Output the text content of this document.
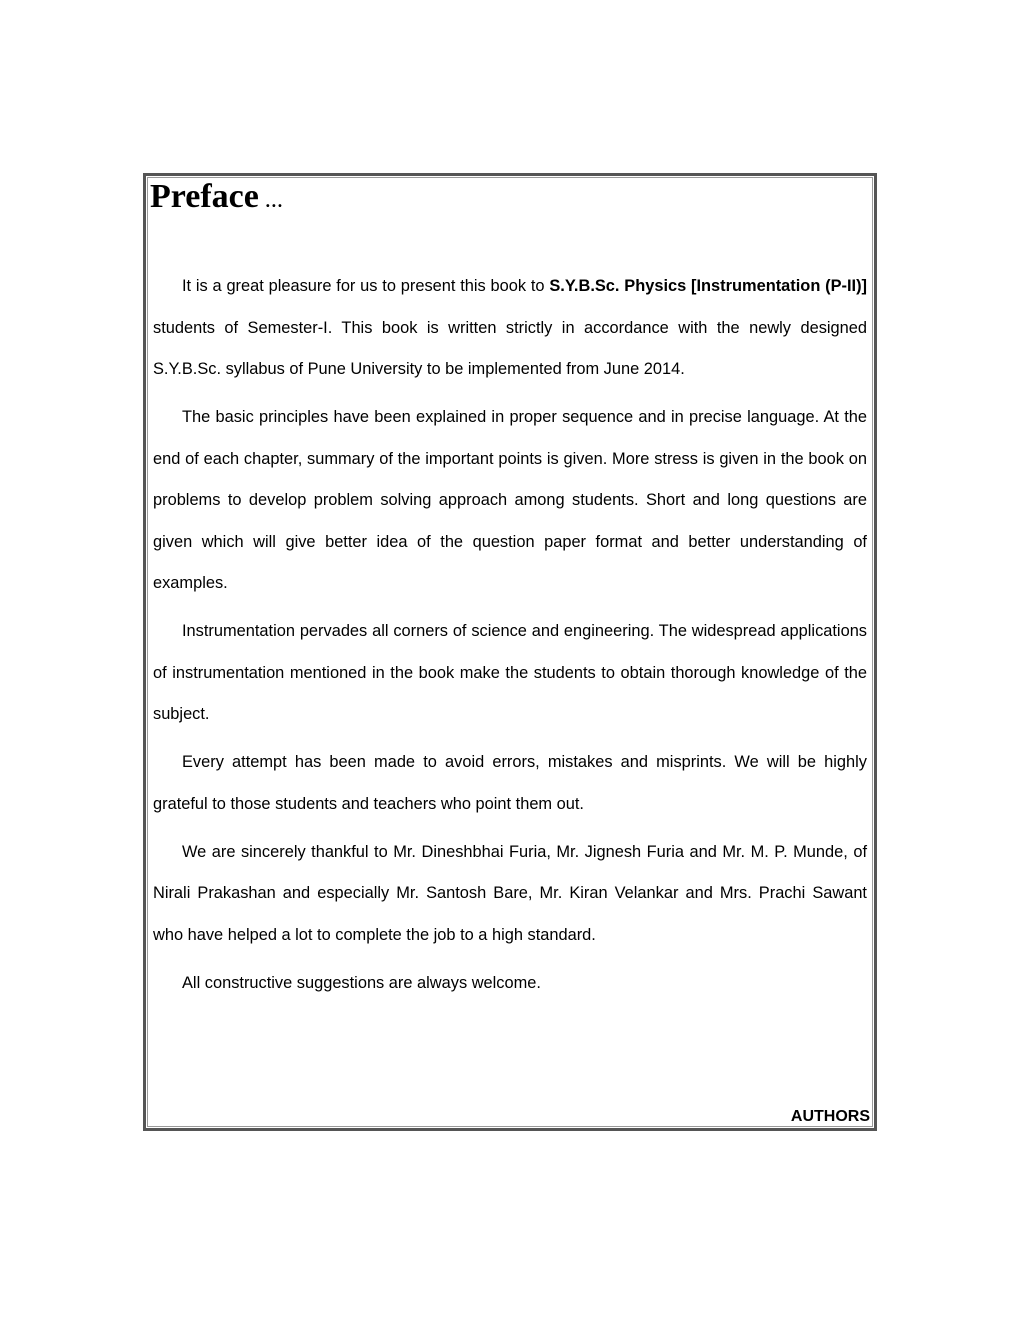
Preface …

It is a great pleasure for us to present this book to S.Y.B.Sc. Physics [Instrumentation (P-II)] students of Semester-I. This book is written strictly in accordance with the newly designed S.Y.B.Sc. syllabus of Pune University to be implemented from June 2014.

The basic principles have been explained in proper sequence and in precise language. At the end of each chapter, summary of the important points is given. More stress is given in the book on problems to develop problem solving approach among students. Short and long questions are given which will give better idea of the question paper format and better understanding of examples.

Instrumentation pervades all corners of science and engineering. The widespread applications of instrumentation mentioned in the book make the students to obtain thorough knowledge of the subject.

Every attempt has been made to avoid errors, mistakes and misprints. We will be highly grateful to those students and teachers who point them out.

We are sincerely thankful to Mr. Dineshbhai Furia, Mr. Jignesh Furia and Mr. M. P. Munde, of Nirali Prakashan and especially Mr. Santosh Bare, Mr. Kiran Velankar and Mrs. Prachi Sawant who have helped a lot to complete the job to a high standard.

All constructive suggestions are always welcome.

AUTHORS
